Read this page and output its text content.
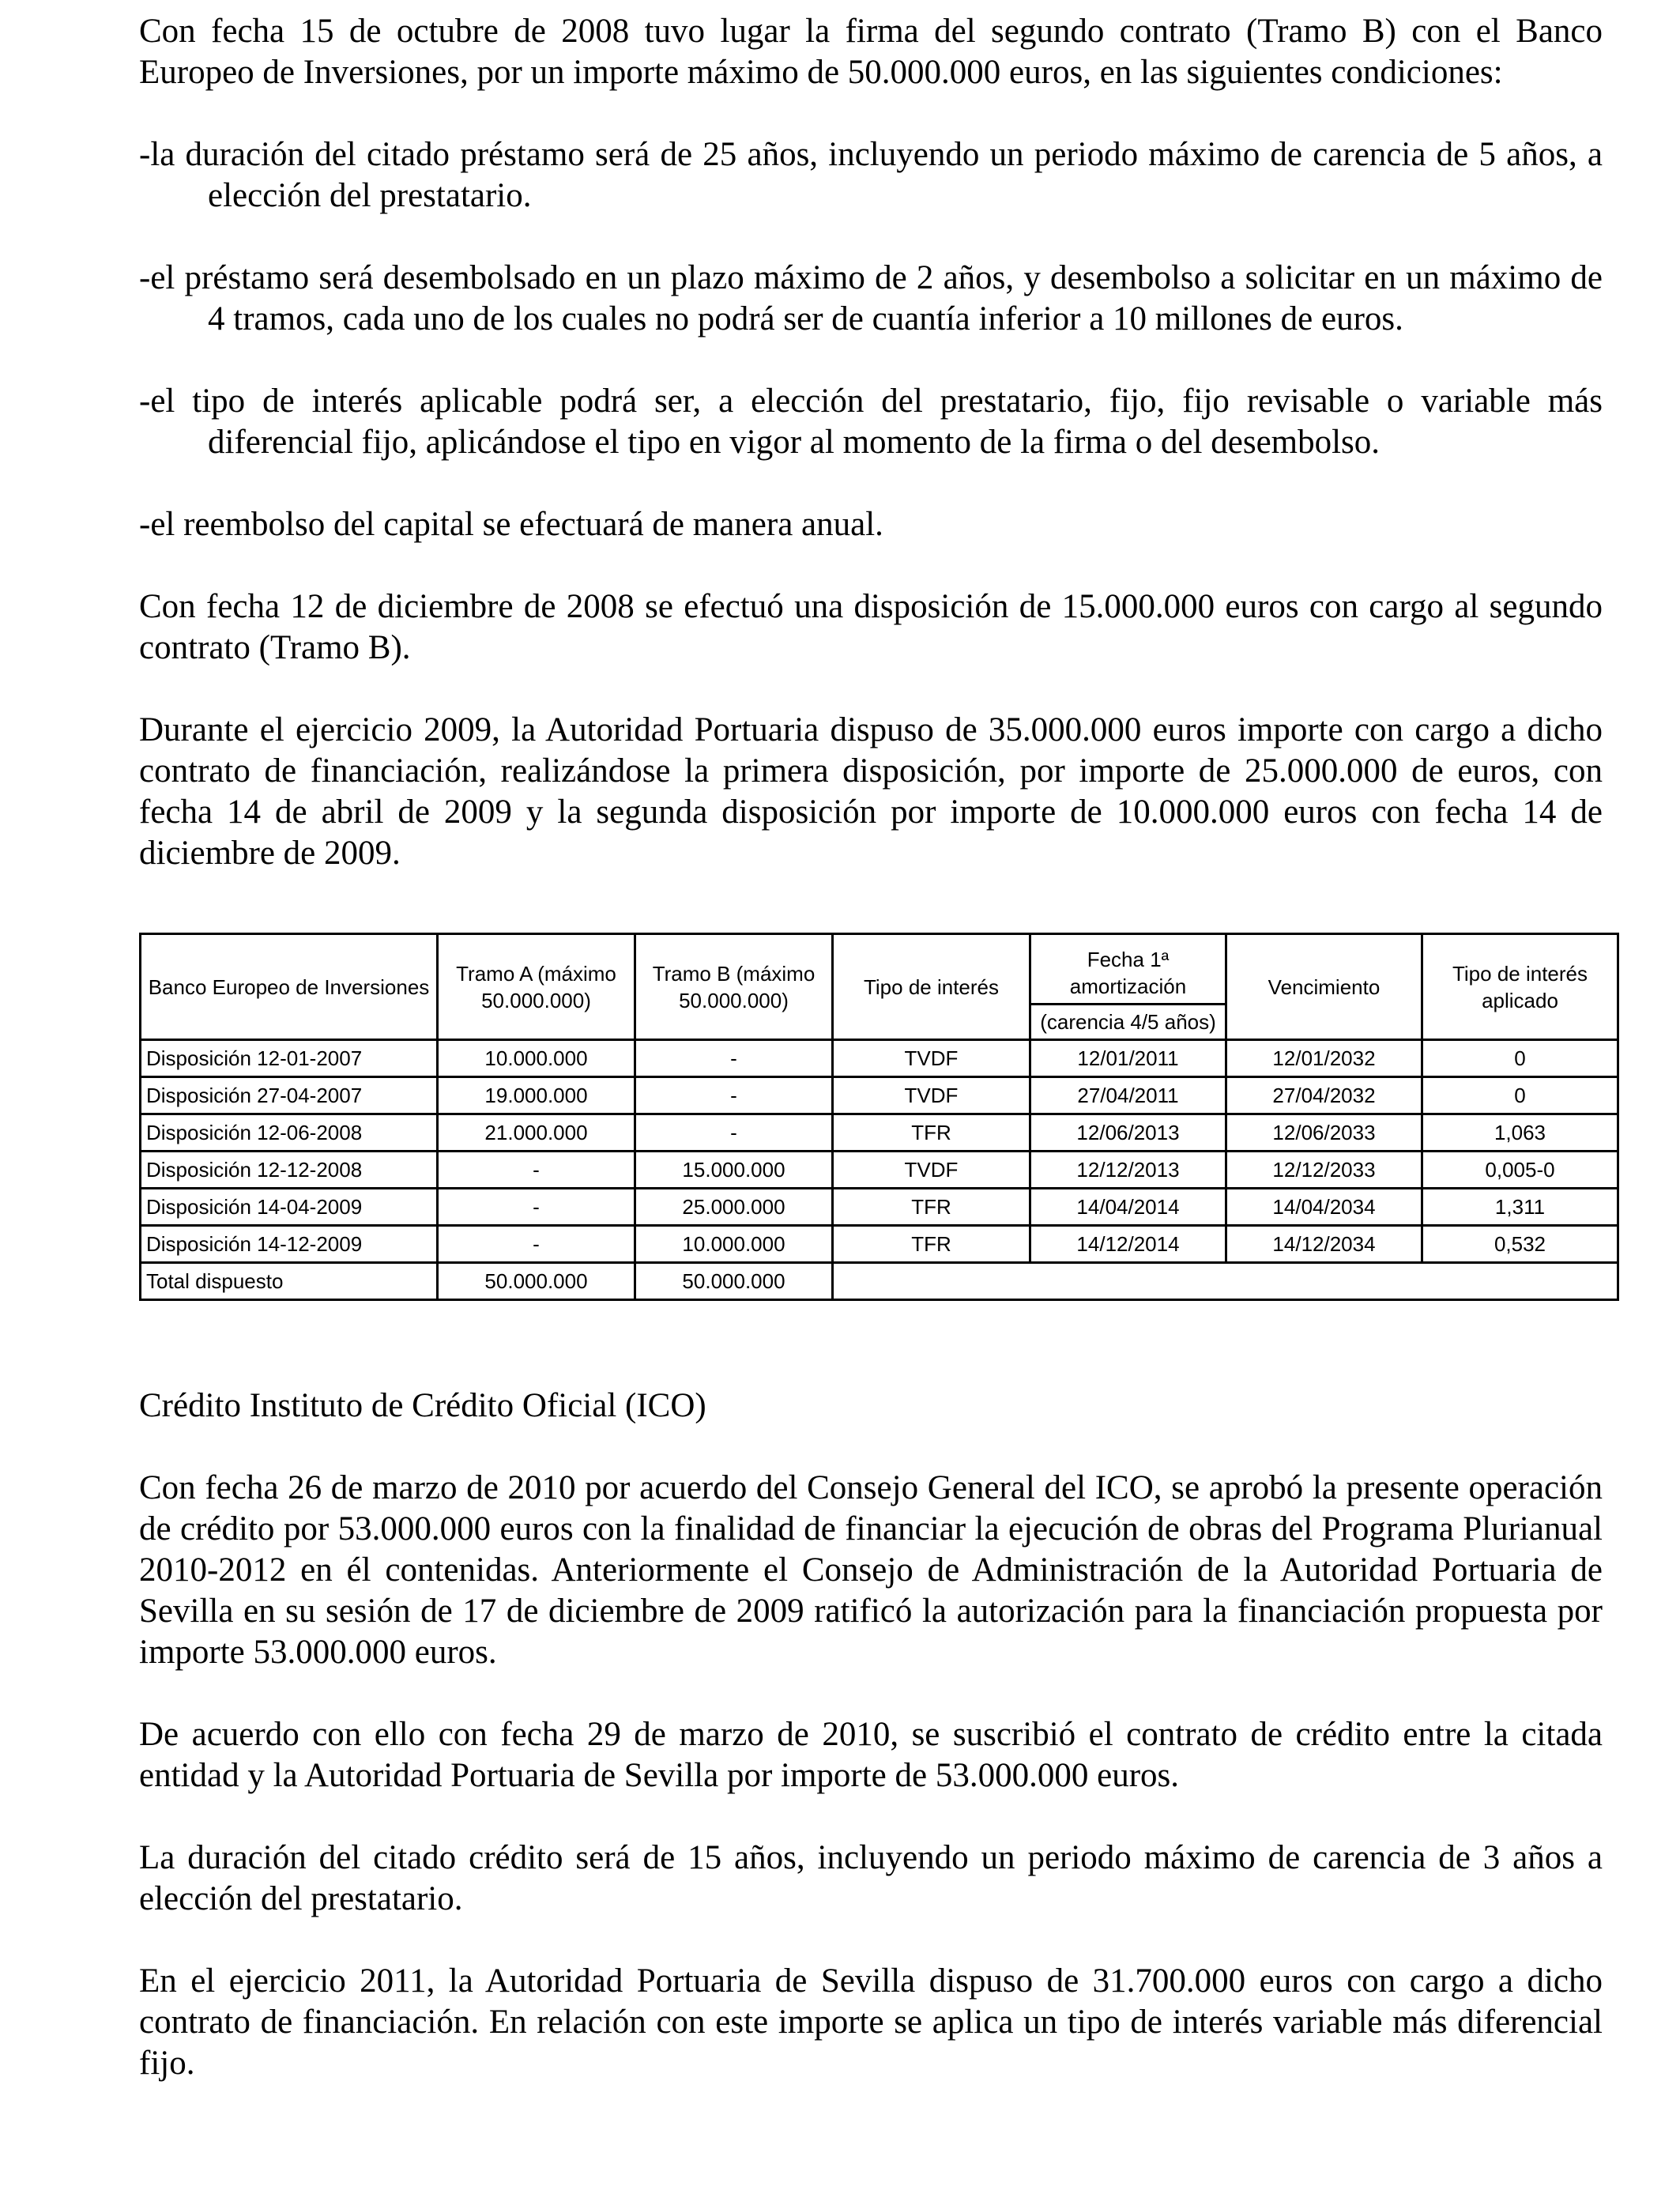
Con fecha 15 de octubre de 2008 tuvo lugar la firma del segundo contrato (Tramo B) con el Banco Europeo de Inversiones, por un importe máximo de 50.000.000 euros, en las siguientes condiciones:

-la duración del citado préstamo será de 25 años, incluyendo un periodo máximo de carencia de 5 años, a elección del prestatario.

-el préstamo será desembolsado en un plazo máximo de 2 años, y desembolso a solicitar en un máximo de 4 tramos, cada uno de los cuales no podrá ser de cuantía inferior a 10 millones de euros.

-el tipo de interés aplicable podrá ser, a elección del prestatario, fijo, fijo revisable o variable más diferencial fijo, aplicándose el tipo en vigor al momento de la firma o del desembolso.

-el reembolso del capital se efectuará de manera anual.

Con fecha 12 de diciembre de 2008 se efectuó una disposición de 15.000.000 euros con cargo al segundo contrato (Tramo B).

Durante el ejercicio 2009, la Autoridad Portuaria dispuso de 35.000.000 euros importe con cargo a dicho contrato de financiación, realizándose la primera disposición, por importe de 25.000.000 de euros, con fecha 14 de abril de 2009 y la segunda disposición por importe de 10.000.000 euros con fecha 14 de diciembre de 2009.

Banco Europeo de Inversiones	Tramo A (máximo 50.000.000)	Tramo B (máximo 50.000.000)	Tipo de interés	Fecha 1ª amortización	Vencimiento	Tipo de interés aplicado
				(carencia 4/5 años)		
Disposición 12-01-2007	10.000.000	-	TVDF	12/01/2011	12/01/2032	0
Disposición 27-04-2007	19.000.000	-	TVDF	27/04/2011	27/04/2032	0
Disposición 12-06-2008	21.000.000	-	TFR	12/06/2013	12/06/2033	1,063
Disposición 12-12-2008	-	15.000.000	TVDF	12/12/2013	12/12/2033	0,005-0
Disposición 14-04-2009	-	25.000.000	TFR	14/04/2014	14/04/2034	1,311
Disposición 14-12-2009	-	10.000.000	TFR	14/12/2014	14/12/2034	0,532
Total dispuesto	50.000.000	50.000.000				

Crédito Instituto de Crédito Oficial (ICO)

Con fecha 26 de marzo de 2010 por acuerdo del Consejo General del ICO, se aprobó la presente operación de crédito por 53.000.000 euros con la finalidad de financiar la ejecución de obras del Programa Plurianual 2010-2012 en él contenidas. Anteriormente el Consejo de Administración de la Autoridad Portuaria de Sevilla en su sesión de 17 de diciembre de 2009 ratificó la autorización para la financiación propuesta por importe 53.000.000 euros.

De acuerdo con ello con fecha 29 de marzo de 2010, se suscribió el contrato de crédito entre la citada entidad y la Autoridad Portuaria de Sevilla por importe de 53.000.000 euros.

La duración del citado crédito será de 15 años, incluyendo un periodo máximo de carencia de 3 años a elección del prestatario.

En el ejercicio 2011, la Autoridad Portuaria de Sevilla dispuso de 31.700.000 euros con cargo a dicho contrato de financiación. En relación con este importe se aplica un tipo de interés variable más diferencial fijo.
